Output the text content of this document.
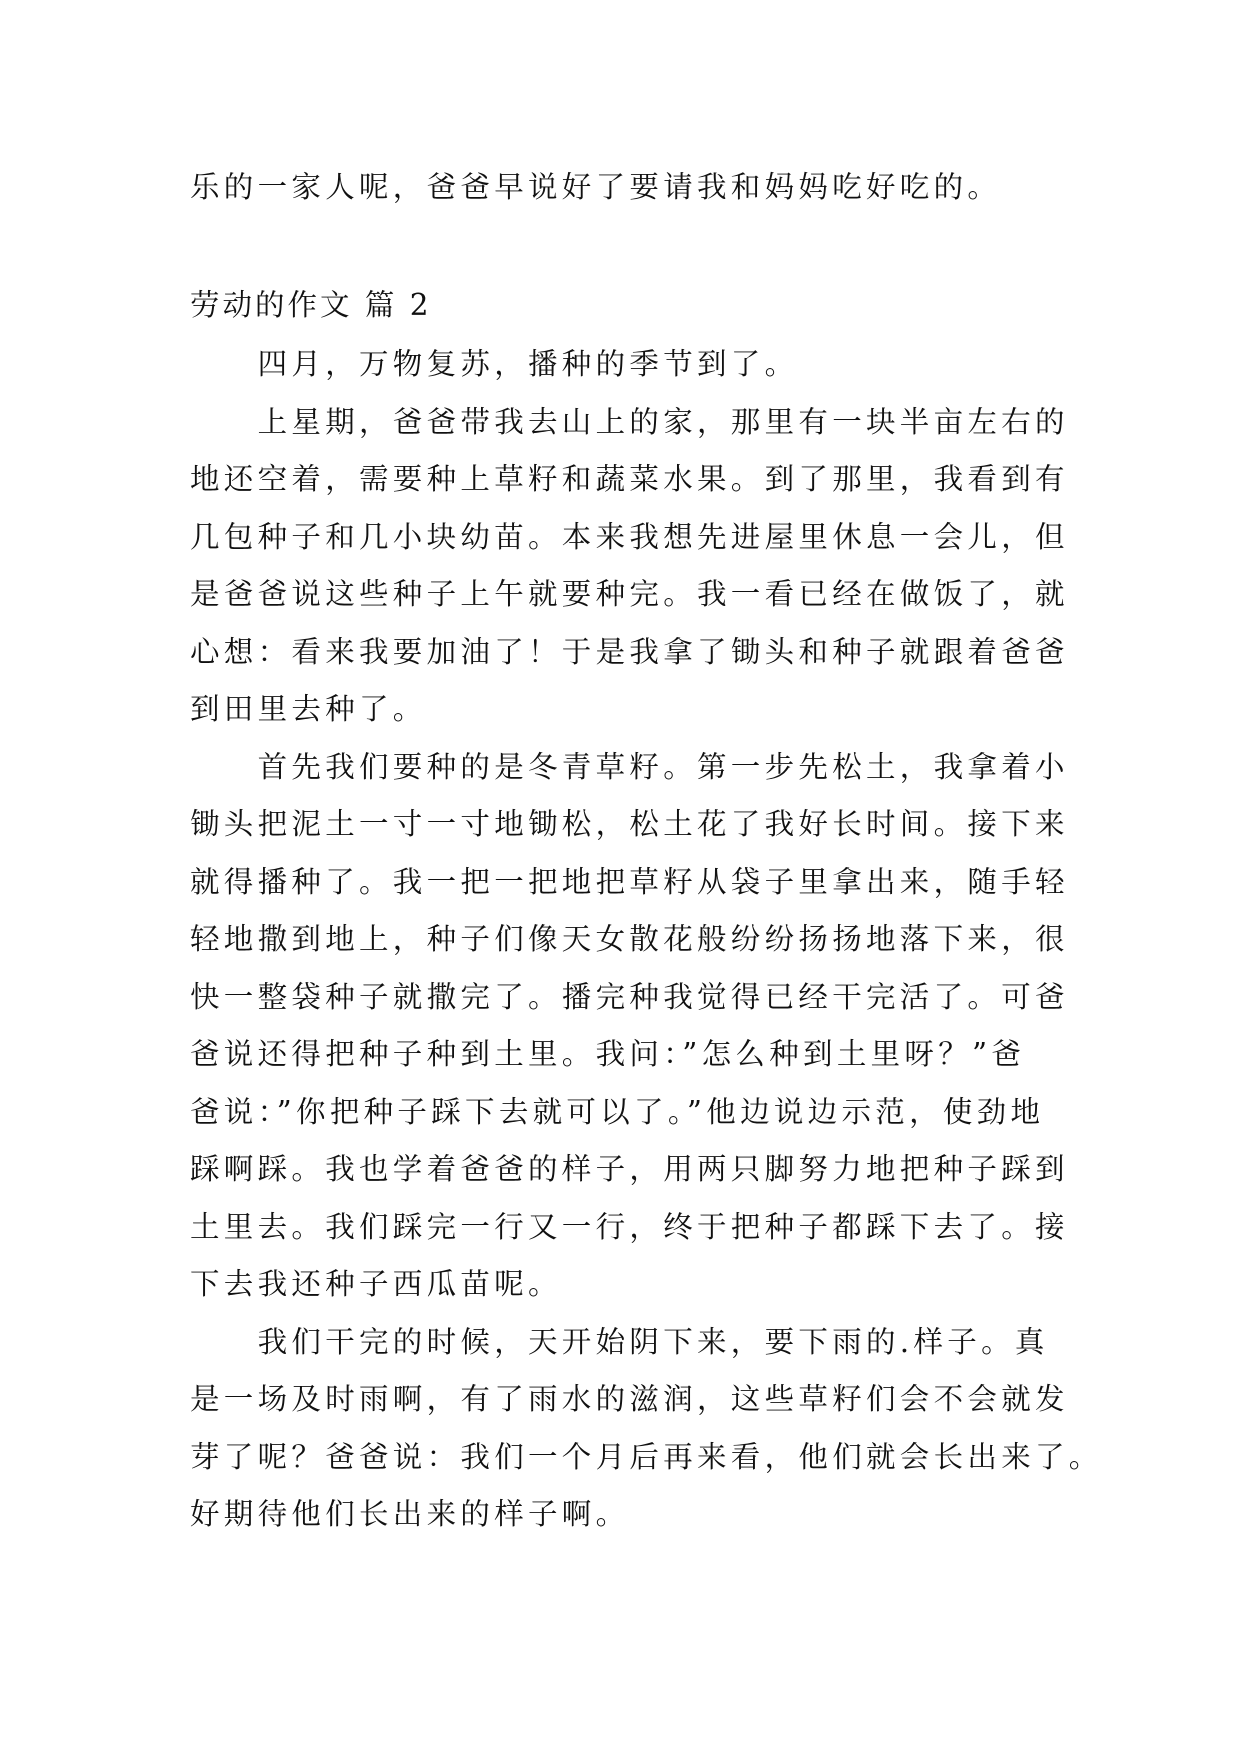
乐的一家人呢，爸爸早说好了要请我和妈妈吃好吃的。
劳动的作文 篇 2
　　四月，万物复苏，播种的季节到了。
　　上星期，爸爸带我去山上的家，那里有一块半亩左右的
地还空着，需要种上草籽和蔬菜水果。到了那里，我看到有
几包种子和几小块幼苗。本来我想先进屋里休息一会儿，但
是爸爸说这些种子上午就要种完。我一看已经在做饭了，就
心想：看来我要加油了！于是我拿了锄头和种子就跟着爸爸
到田里去种了。
　　首先我们要种的是冬青草籽。第一步先松土，我拿着小
锄头把泥土一寸一寸地锄松，松土花了我好长时间。接下来
就得播种了。我一把一把地把草籽从袋子里拿出来，随手轻
轻地撒到地上，种子们像天女散花般纷纷扬扬地落下来，很
快一整袋种子就撒完了。播完种我觉得已经干完活了。可爸
爸说还得把种子种到土里。我问：”怎么种到土里呀？”爸
爸说：”你把种子踩下去就可以了。”他边说边示范，使劲地
踩啊踩。我也学着爸爸的样子，用两只脚努力地把种子踩到
土里去。我们踩完一行又一行，终于把种子都踩下去了。接
下去我还种子西瓜苗呢。
　　我们干完的时候，天开始阴下来，要下雨的.样子。真
是一场及时雨啊，有了雨水的滋润，这些草籽们会不会就发
芽了呢？爸爸说：我们一个月后再来看，他们就会长出来了。
好期待他们长出来的样子啊。
